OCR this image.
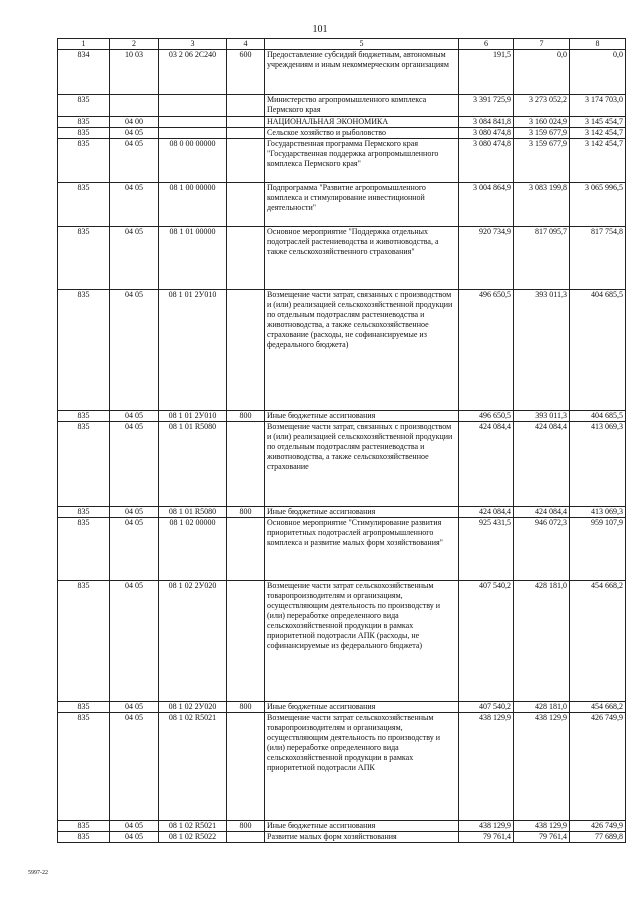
101
1	2	3	4	5	6	7	8
834	10 03	03 2 06 2С240	600	Предоставление субсидий бюджетным, автономным учреждениям и иным некоммерческим организациям	191,5	0,0	0,0
835				Министерство агропромышленного комплекса Пермского края	3 391 725,9	3 273 052,2	3 174 703,0
835	04 00			НАЦИОНАЛЬНАЯ ЭКОНОМИКА	3 084 841,8	3 160 024,9	3 145 454,7
835	04 05			Сельское хозяйство и рыболовство	3 080 474,8	3 159 677,9	3 142 454,7
835	04 05	08 0 00 00000		Государственная программа Пермского края "Государственная поддержка агропромышленного комплекса Пермского края"	3 080 474,8	3 159 677,9	3 142 454,7
835	04 05	08 1 00 00000		Подпрограмма "Развитие агропромышленного комплекса и стимулирование инвестиционной деятельности"	3 004 864,9	3 083 199,8	3 065 996,5
835	04 05	08 1 01 00000		Основное мероприятие "Поддержка отдельных подотраслей растениеводства и животноводства, а также сельскохозяйственного страхования"	920 734,9	817 095,7	817 754,8
835	04 05	08 1 01 2У010		Возмещение части затрат, связанных с производством и (или) реализацией сельскохозяйственной продукции по отдельным подотраслям растениеводства и животноводства, а также сельскохозяйственное страхование (расходы, не софинансируемые из федерального бюджета)	496 650,5	393 011,3	404 685,5
835	04 05	08 1 01 2У010	800	Иные бюджетные ассигнования	496 650,5	393 011,3	404 685,5
835	04 05	08 1 01 R5080		Возмещение части затрат, связанных с производством и (или) реализацией сельскохозяйственной продукции по отдельным подотраслям растениеводства и животноводства, а также сельскохозяйственное страхование	424 084,4	424 084,4	413 069,3
835	04 05	08 1 01 R5080	800	Иные бюджетные ассигнования	424 084,4	424 084,4	413 069,3
835	04 05	08 1 02 00000		Основное мероприятие "Стимулирование развития приоритетных подотраслей агропромышленного комплекса и развитие малых форм хозяйствования"	925 431,5	946 072,3	959 107,9
835	04 05	08 1 02 2У020		Возмещение части затрат сельскохозяйственным товаропроизводителям и организациям, осуществляющим деятельность по производству и (или) переработке определенного вида сельскохозяйственной продукции в рамках приоритетной подотрасли АПК (расходы, не софинансируемые из федерального бюджета)	407 540,2	428 181,0	454 668,2
835	04 05	08 1 02 2У020	800	Иные бюджетные ассигнования	407 540,2	428 181,0	454 668,2
835	04 05	08 1 02 R5021		Возмещение части затрат сельскохозяйственным товаропроизводителям и организациям, осуществляющим деятельность по производству и (или) переработке определенного вида сельскохозяйственной продукции в рамках приоритетной подотрасли АПК	438 129,9	438 129,9	426 749,9
835	04 05	08 1 02 R5021	800	Иные бюджетные ассигнования	438 129,9	438 129,9	426 749,9
835	04 05	08 1 02 R5022		Развитие малых форм хозяйствования	79 761,4	79 761,4	77 689,8
5997-22
